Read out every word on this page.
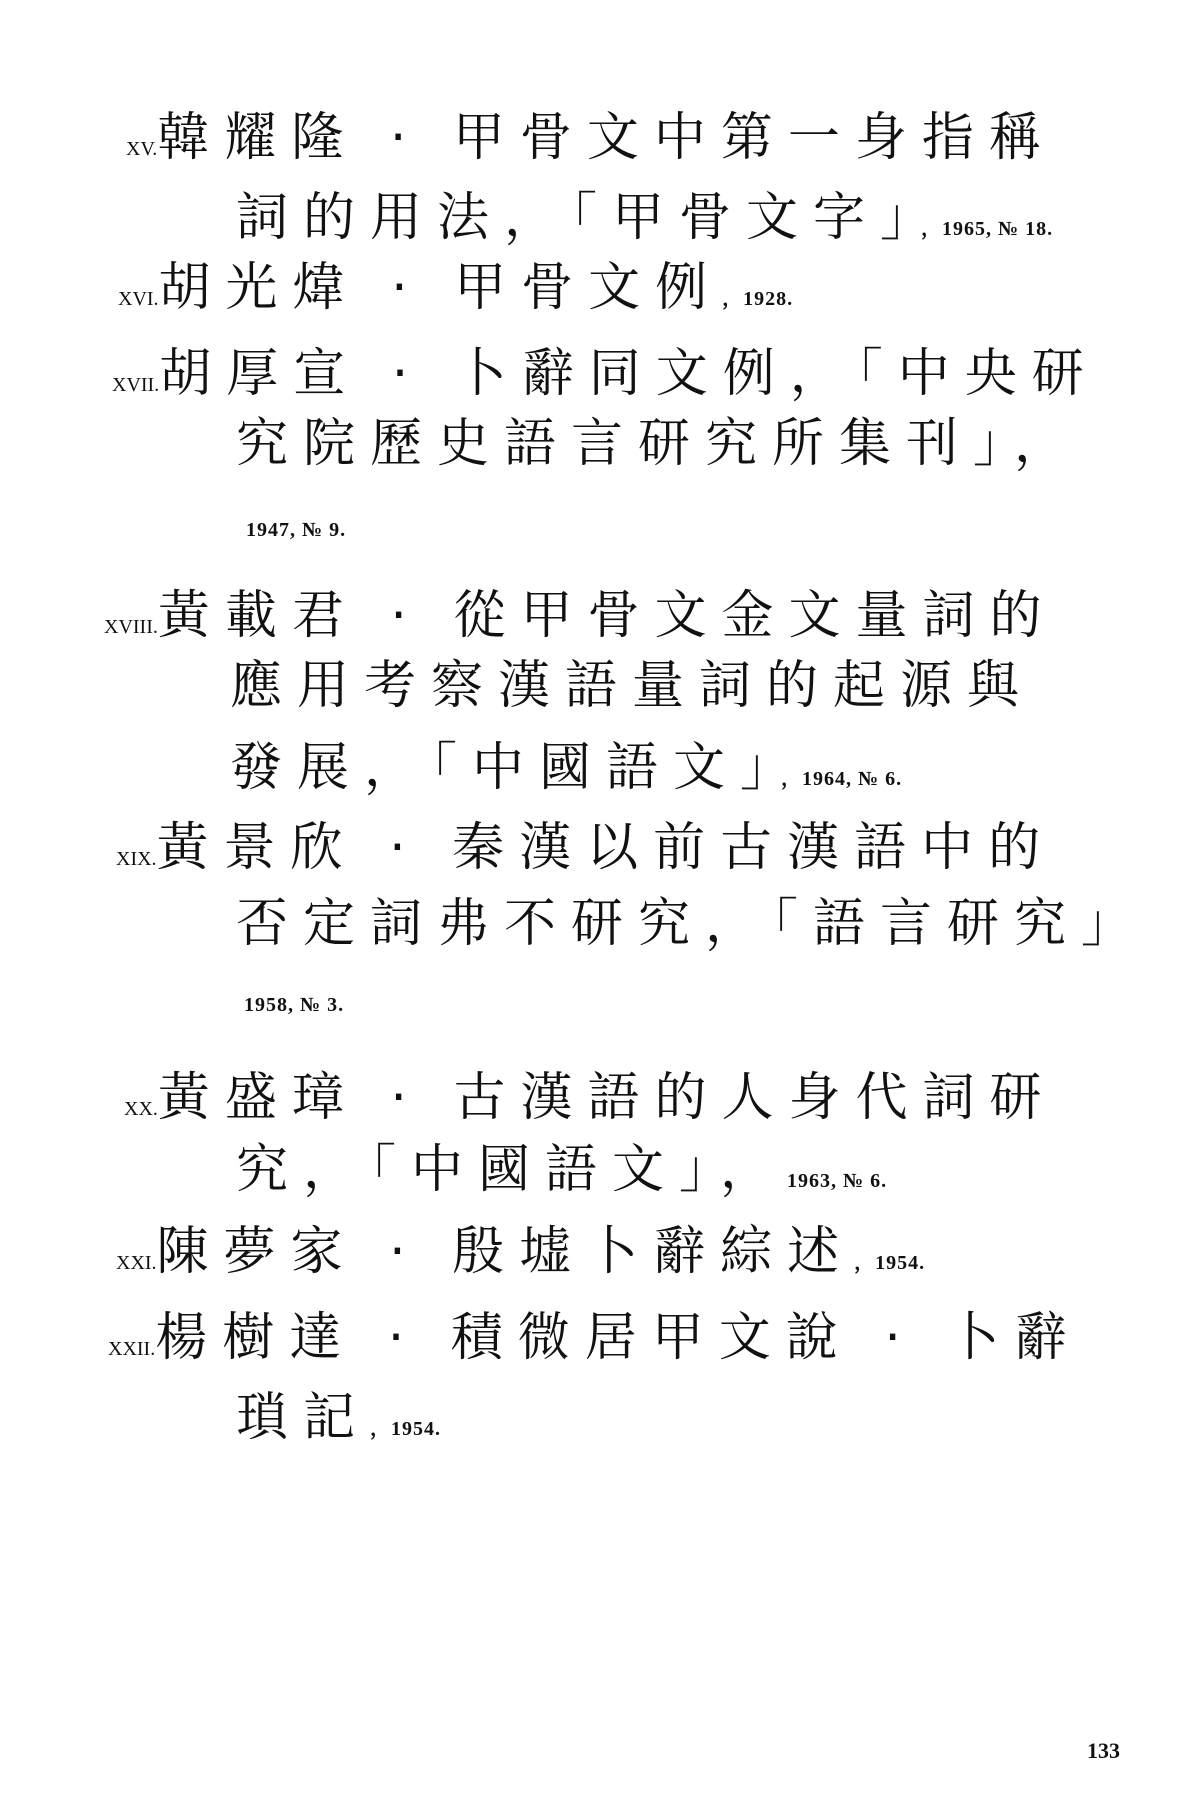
XV.韓耀隆 · 甲骨文中第一身指稱
詞的用法，「甲骨文字」，1965, № 18.
XVI.胡光煒 · 甲骨文例，1928.
XVII.胡厚宣 · 卜辭同文例，「中央研
究院歷史語言研究所集刊」，
1947, № 9.
XVIII.黃載君 · 從甲骨文金文量詞的
應用考察漢語量詞的起源與
發展，「中國語文」，1964, № 6.
XIX.黃景欣 · 秦漢以前古漢語中的
否定詞弗不研究，「語言研究」
1958, № 3.
XX.黃盛璋 · 古漢語的人身代詞研
究，「中國語文」，1963, № 6.
XXI.陳夢家 · 殷墟卜辭綜述，1954.
XXII.楊樹達 · 積微居甲文說 · 卜辭
瑣記，1954.
133
